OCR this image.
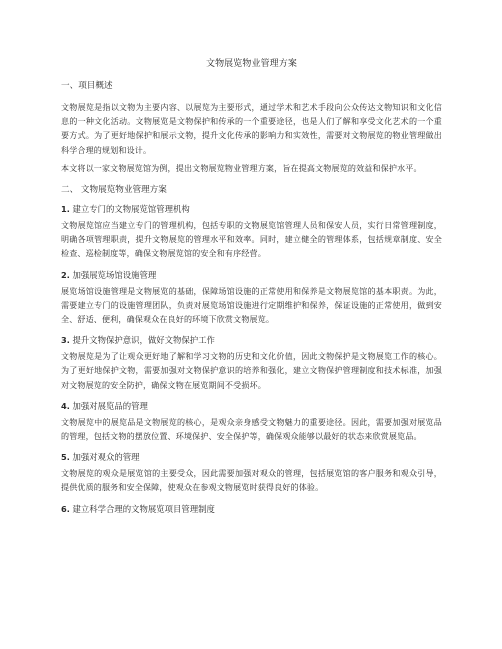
文物展览物业管理方案
一、项目概述

文物展览是指以文物为主要内容、以展览为主要形式，通过学术和艺术手段向公众传达文物知识和文化信息的一种文化活动。文物展览是文物保护和传承的一个重要途径，也是人们了解和享受文化艺术的一个重要方式。为了更好地保护和展示文物，提升文化传承的影响力和实效性，需要对文物展览的物业管理做出科学合理的规划和设计。

本文将以一家文物展览馆为例，提出文物展览物业管理方案，旨在提高文物展览的效益和保护水平。

二、 文物展览物业管理方案
1. 建立专门的文物展览馆管理机构

文物展览馆应当建立专门的管理机构，包括专职的文物展览馆管理人员和保安人员，实行日常管理制度，明确各项管理职责，提升文物展览的管理水平和效率。同时，建立健全的管理体系，包括规章制度、安全检查、巡检制度等，确保文物展览馆的安全和有序经营。

2. 加强展览场馆设施管理

展览场馆设施管理是文物展览的基础，保障场馆设施的正常使用和保养是文物展览馆的基本职责。为此，需要建立专门的设施管理团队，负责对展览场馆设施进行定期维护和保养，保证设施的正常使用，做到安全、舒适、便利，确保观众在良好的环境下欣赏文物展览。

3. 提升文物保护意识，做好文物保护工作

文物展览是为了让观众更好地了解和学习文物的历史和文化价值，因此文物保护是文物展览工作的核心。为了更好地保护文物，需要加强对文物保护意识的培养和强化，建立文物保护管理制度和技术标准，加强对文物展览的安全防护，确保文物在展览期间不受损坏。

4. 加强对展览品的管理

文物展览中的展览品是文物展览的核心，是观众亲身感受文物魅力的重要途径。因此，需要加强对展览品的管理，包括文物的摆放位置、环境保护、安全保护等，确保观众能够以最好的状态来欣赏展览品。

5. 加强对观众的管理

文物展览的观众是展览馆的主要受众，因此需要加强对观众的管理，包括展览馆的客户服务和观众引导，提供优质的服务和安全保障，使观众在参观文物展览时获得良好的体验。

6. 建立科学合理的文物展览项目管理制度
